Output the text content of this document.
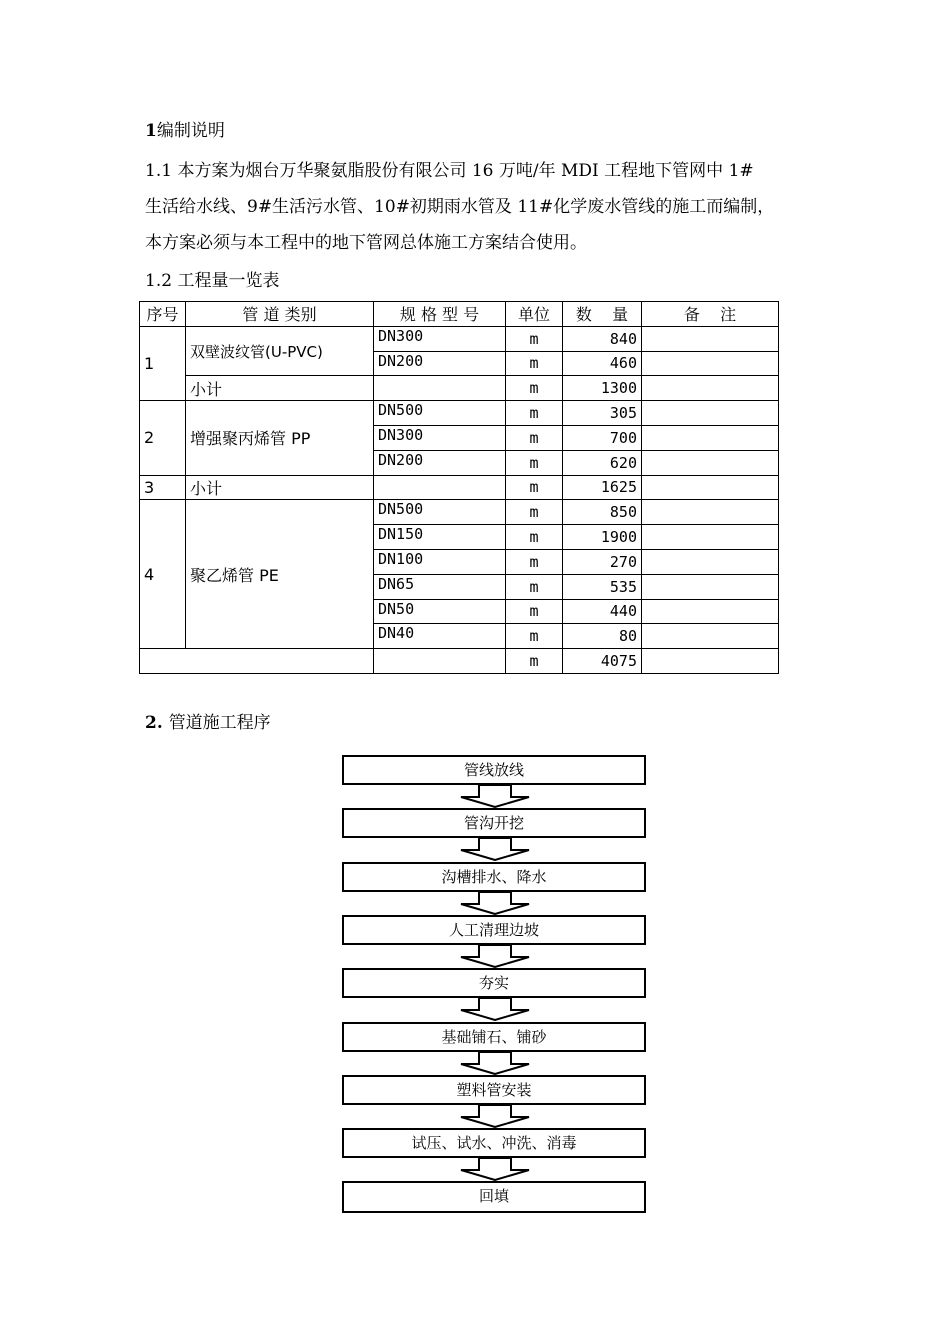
1编制说明
1.1 本方案为烟台万华聚氨脂股份有限公司 16 万吨/年 MDI 工程地下管网中 1#
生活给水线、9#生活污水管、10#初期雨水管及 11#化学废水管线的施工而编制，
本方案必须与本工程中的地下管网总体施工方案结合使用。
1.2 工程量一览表
序号	管 道 类别	规 格 型 号	单位	数    量	备    注
1	双壁波纹管(U-PVC)	DN300	m	840	
		DN200	m	460	
	小计		m	1300	
2	增强聚丙烯管 PP	DN500	m	305	
		DN300	m	700	
		DN200	m	620	
3	小计		m	1625	
4	聚乙烯管 PE	DN500	m	850	
		DN150	m	1900	
		DN100	m	270	
		DN65	m	535	
		DN50	m	440	
		DN40	m	80	
			m	4075	
2. 管道施工程序
管线放线
管沟开挖
沟槽排水、降水
人工清理边坡
夯实
基础铺石、铺砂
塑料管安装
试压、试水、冲洗、消毒
回填
